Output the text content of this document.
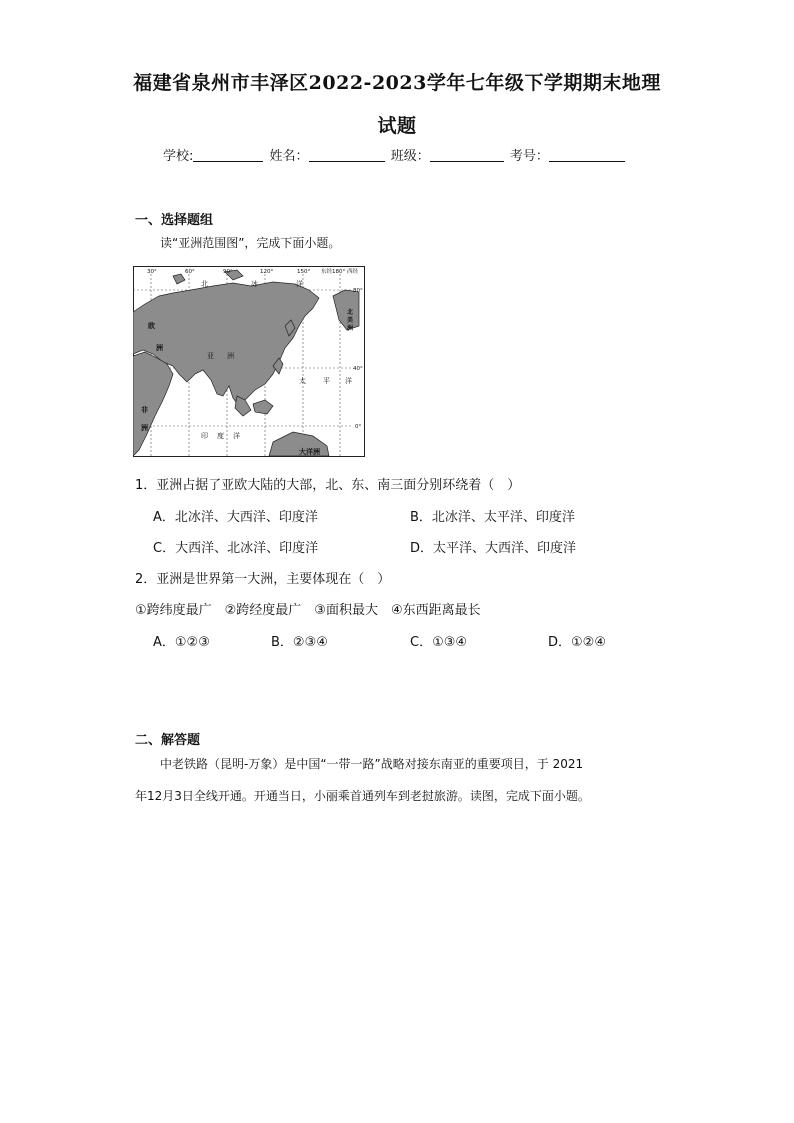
福建省泉州市丰泽区2022-2023学年七年级下学期期末地理
试题
学校:	姓名：	班级：	考号：
一、选择题组
读“亚洲范围图”，完成下面小题。
30°	60°	90°	120°	150° 东经180° 西经
80°
40°
0°
北	冰	洋
太 平 洋
印 度 洋
欧
洲
亚 洲
非
洲
大洋洲
北
美
洲
1．亚洲占据了亚欧大陆的大部，北、东、南三面分别环绕着（　）
A．北冰洋、大西洋、印度洋	B．北冰洋、太平洋、印度洋
C．大西洋、北冰洋、印度洋	D．太平洋、大西洋、印度洋
2．亚洲是世界第一大洲，主要体现在（　）
①跨纬度最广　②跨经度最广　③面积最大　④东西距离最长
A．①②③	B．②③④	C．①③④	D．①②④
二、解答题
中老铁路（昆明-万象）是中国“一带一路”战略对接东南亚的重要项目，于 2021
年12月3日全线开通。开通当日，小丽乘首通列车到老挝旅游。读图，完成下面小题。
